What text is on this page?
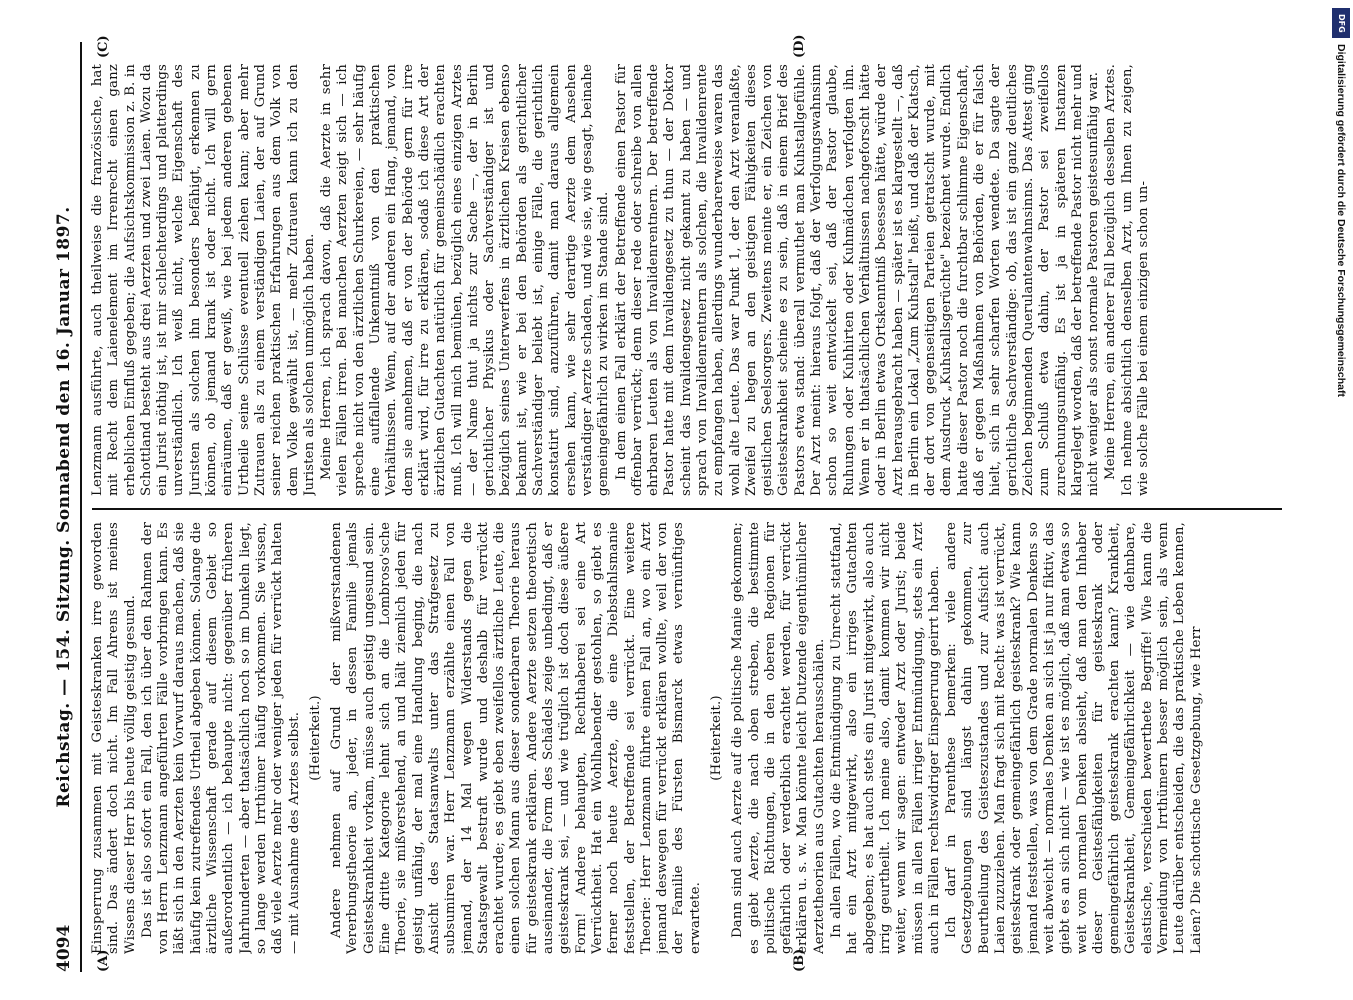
4094
Reichstag. — 154. Sitzung. Sonnabend den 16. Januar 1897.
(A)	(B)
(C)	(D)

Einsperrung zusammen mit Geisteskranken irre geworden sind. Das ändert doch nicht. Im Fall Ahrens ist meines Wissens dieser Herr bis heute völlig geistig gesund. Das ist also sofort ein Fall, den ich über den Rahmen der von Herrn Lenzmann angeführten Fälle vorbringen kann. Es läßt sich in den Aerzten kein Vorwurf daraus machen, daß sie häufig kein zutreffendes Urtheil abgeben können. Solange die ärztliche Wissenschaft gerade auf diesem Gebiet so außerordentlich — ich behaupte nicht: gegenüber früheren Jahrhunderten — aber thatsächlich noch so im Dunkeln liegt, so lange werden Irrthümer häufig vorkommen. Sie wissen, daß viele Aerzte mehr oder weniger jeden für verrückt halten — mit Ausnahme des Arztes selbst. (Heiterkeit.) Andere nehmen auf Grund der mißverstandenen Vererbungstheorie an, jeder, in dessen Familie jemals Geisteskrankheit vorkam, müsse auch geistig ungesund sein. Eine dritte Kategorie lehnt sich an die Lombroso'sche Theorie, sie mißverstehend, an und hält ziemlich jeden für geistig unfähig, der mal eine Handlung beging, die nach Ansicht des Staatsanwalts unter das Strafgesetz zu subsumiren war. Herr Lenzmann erzählte einen Fall von jemand, der 14 Mal wegen Widerstands gegen die Staatsgewalt bestraft wurde und deshalb für verrückt erachtet wurde; es giebt eben zweifellos ärztliche Leute, die einen solchen Mann aus dieser sonderbaren Theorie heraus für geisteskrank erklären. Andere Aerzte setzen theoretisch auseinander, die Form des Schädels zeige unbedingt, daß er geisteskrank sei, — und wie trüglich ist doch diese äußere Form! Andere behaupten, Rechthaberei sei eine Art Verrücktheit. Hat ein Wohlhabender gestohlen, so giebt es ferner noch heute Aerzte, die eine Diebstahlsmanie feststellen, der Betreffende sei verrückt. Eine weitere Theorie: Herr Lenzmann führte einen Fall an, wo ein Arzt jemand deswegen für verrückt erklären wollte, weil der von der Familie des Fürsten Bismarck etwas vernünftiges erwartete.

(Heiterkeit.) Dann sind auch Aerzte auf die politische Manie gekommen; es giebt Aerzte, die nach oben streben, die bestimmte politische Richtungen, die in den oberen Regionen für gefährlich oder verderblich erachtet werden, für verrückt erklären u. s. w. Man könnte leicht Dutzende eigenthümlicher Aerztetheorien aus Gutachten herausschälen. In allen Fällen, wo die Entmündigung zu Unrecht stattfand, hat ein Arzt mitgewirkt, also ein irriges Gutachten abgegeben; es hat auch stets ein Jurist mitgewirkt, also auch irrig geurtheilt. Ich meine also, damit kommen wir nicht weiter, wenn wir sagen: entweder Arzt oder Jurist; beide müssen in allen Fällen irriger Entmündigung, stets ein Arzt auch in Fällen rechtswidriger Einsperrung geirrt haben. Ich darf in Parenthese bemerken: viele andere Gesetzgebungen sind längst dahin gekommen, zur Beurtheilung des Geisteszustandes und zur Aufsicht auch Laien zuzuziehen. Man fragt sich mit Recht: was ist verrückt, geisteskrank oder gemeingefährlich geisteskrank? Wie kann jemand feststellen, was von dem Grade normalen Denkens so weit abweicht — normales Denken an sich ist ja nur fiktiv, das giebt es an sich nicht — wie ist es möglich, daß man etwas so weit vom normalen Denken absieht, daß man den Inhaber dieser Geistesfähigkeiten für geisteskrank oder gemeingefährlich geisteskrank erachten kann? Krankheit, Geisteskrankheit, Gemeingefährlichkeit — wie dehnbare, elastische, verschieden bewerthete Begriffe! Wie kann die Vermeidung von Irrthümern besser möglich sein, als wenn Leute darüber entscheiden, die das praktische Leben kennen, Laien? Die schottische Gesetzgebung, wie Herr

Lenzmann ausführte, auch theilweise die französische, hat mit Recht dem Laienelement im Irrenrecht einen ganz erheblichen Einfluß gegeben; die Aufsichtskommission z. B. in Schottland besteht aus drei Aerzten und zwei Laien. Wozu da ein Jurist nöthig ist, ist mir schlechterdings und platterdings unverständlich. Ich weiß nicht, welche Eigenschaft des Juristen als solchen ihn besonders befähigt, erkennen zu können, ob jemand krank ist oder nicht. Ich will gern einräumen, daß er gewiß, wie bei jedem anderen gebenen Urtheile seine Schlüsse eventuell ziehen kann; aber mehr Zutrauen als zu einem verständigen Laien, der auf Grund seiner reichen praktischen Erfahrungen aus dem Volk von dem Volke gewählt ist, — mehr Zutrauen kann ich zu den Juristen als solchen unmöglich haben. Meine Herren, ich sprach davon, daß die Aerzte in sehr vielen Fällen irren. Bei manchen Aerzten zeigt sich — ich spreche nicht von den ärztlichen Schurkereien, — sehr häufig eine auffallende Unkenntniß von den praktischen Verhältnissen. Wenn, auf der anderen ein Hang, jemand, von dem sie annehmen, daß er von der Behörde gern für irre erklärt wird, für irre zu erklären, sodaß ich diese Art der ärztlichen Gutachten natürlich für gemeinschädlich erachten muß. Ich will mich bemühen, bezüglich eines einzigen Arztes — der Name thut ja nichts zur Sache —, der in Berlin gerichtlicher Physikus oder Sachverständiger ist und bezüglich seines Unterwerfens in ärztlichen Kreisen ebenso bekannt ist, wie er bei den Behörden als gerichtlicher Sachverständiger beliebt ist, einige Fälle, die gerichtlich konstatirt sind, anzuführen, damit man daraus allgemein ersehen kann, wie sehr derartige Aerzte dem Ansehen verständiger Aerzte schaden, und wie sie, wie gesagt, beinahe gemeingefährlich zu wirken im Stande sind. In dem einen Fall erklärt der Betreffende einen Pastor für offenbar verrückt; denn dieser rede oder schreibe von allen ehrbaren Leuten als von Invalidenrentnern. Der betreffende Pastor hatte mit dem Invalidengesetz zu thun — der Doktor scheint das Invalidengesetz nicht gekannt zu haben — und sprach von Invalidenrentnern als solchen, die Invalidenrente zu empfangen haben, allerdings wunderbarerweise waren das wohl alte Leute. Das war Punkt 1, der den Arzt veranlaßte, Zweifel zu hegen an den geistigen Fähigkeiten dieses geistlichen Seelsorgers. Zweitens meinte er, ein Zeichen von Geisteskrankheit scheine es zu sein, daß in einem Brief des Pastors etwa stand: überall vermuthet man Kuhstallgefühle. Der Arzt meint: hieraus folgt, daß der Verfolgungswahnsinn schon so weit entwickelt sei, daß der Pastor glaube, Ruhungen oder Kuhhirten oder Kuhmädchen verfolgten ihn. Wenn er in thatsächlichen Verhältnissen nachgeforscht hätte oder in Berlin etwas Ortskenntniß besessen hätte, würde der Arzt herausgebracht haben — später ist es klargestellt —, daß in Berlin ein Lokal „Zum Kuhstall" heißt, und daß der Klatsch, der dort von gegenseitigen Parteien getratscht wurde, mit dem Ausdruck „Kuhstallsgerüchte" bezeichnet wurde. Endlich hatte dieser Pastor noch die furchtbar schlimme Eigenschaft, daß er gegen Maßnahmen von Behörden, die er für falsch hielt, sich in sehr scharfen Worten wendete. Da sagte der gerichtliche Sachverständige: ob, das ist ein ganz deutliches Zeichen beginnenden Querulantenwahnsinns. Das Attest ging zum Schluß etwa dahin, der Pastor sei zweifellos zurechnungsunfähig. Es ist ja in späteren Instanzen klargelegt worden, daß der betreffende Pastor nicht mehr und nicht weniger als sonst normale Pastoren geistesunfähig war. Meine Herren, ein anderer Fall bezüglich desselben Arztes. Ich nehme absichtlich denselben Arzt, um Ihnen zu zeigen, wie solche Fälle bei einem einzigen schon un-

DFG
Digitalisierung gefördert durch die Deutsche Forschungsgemeinschaft
